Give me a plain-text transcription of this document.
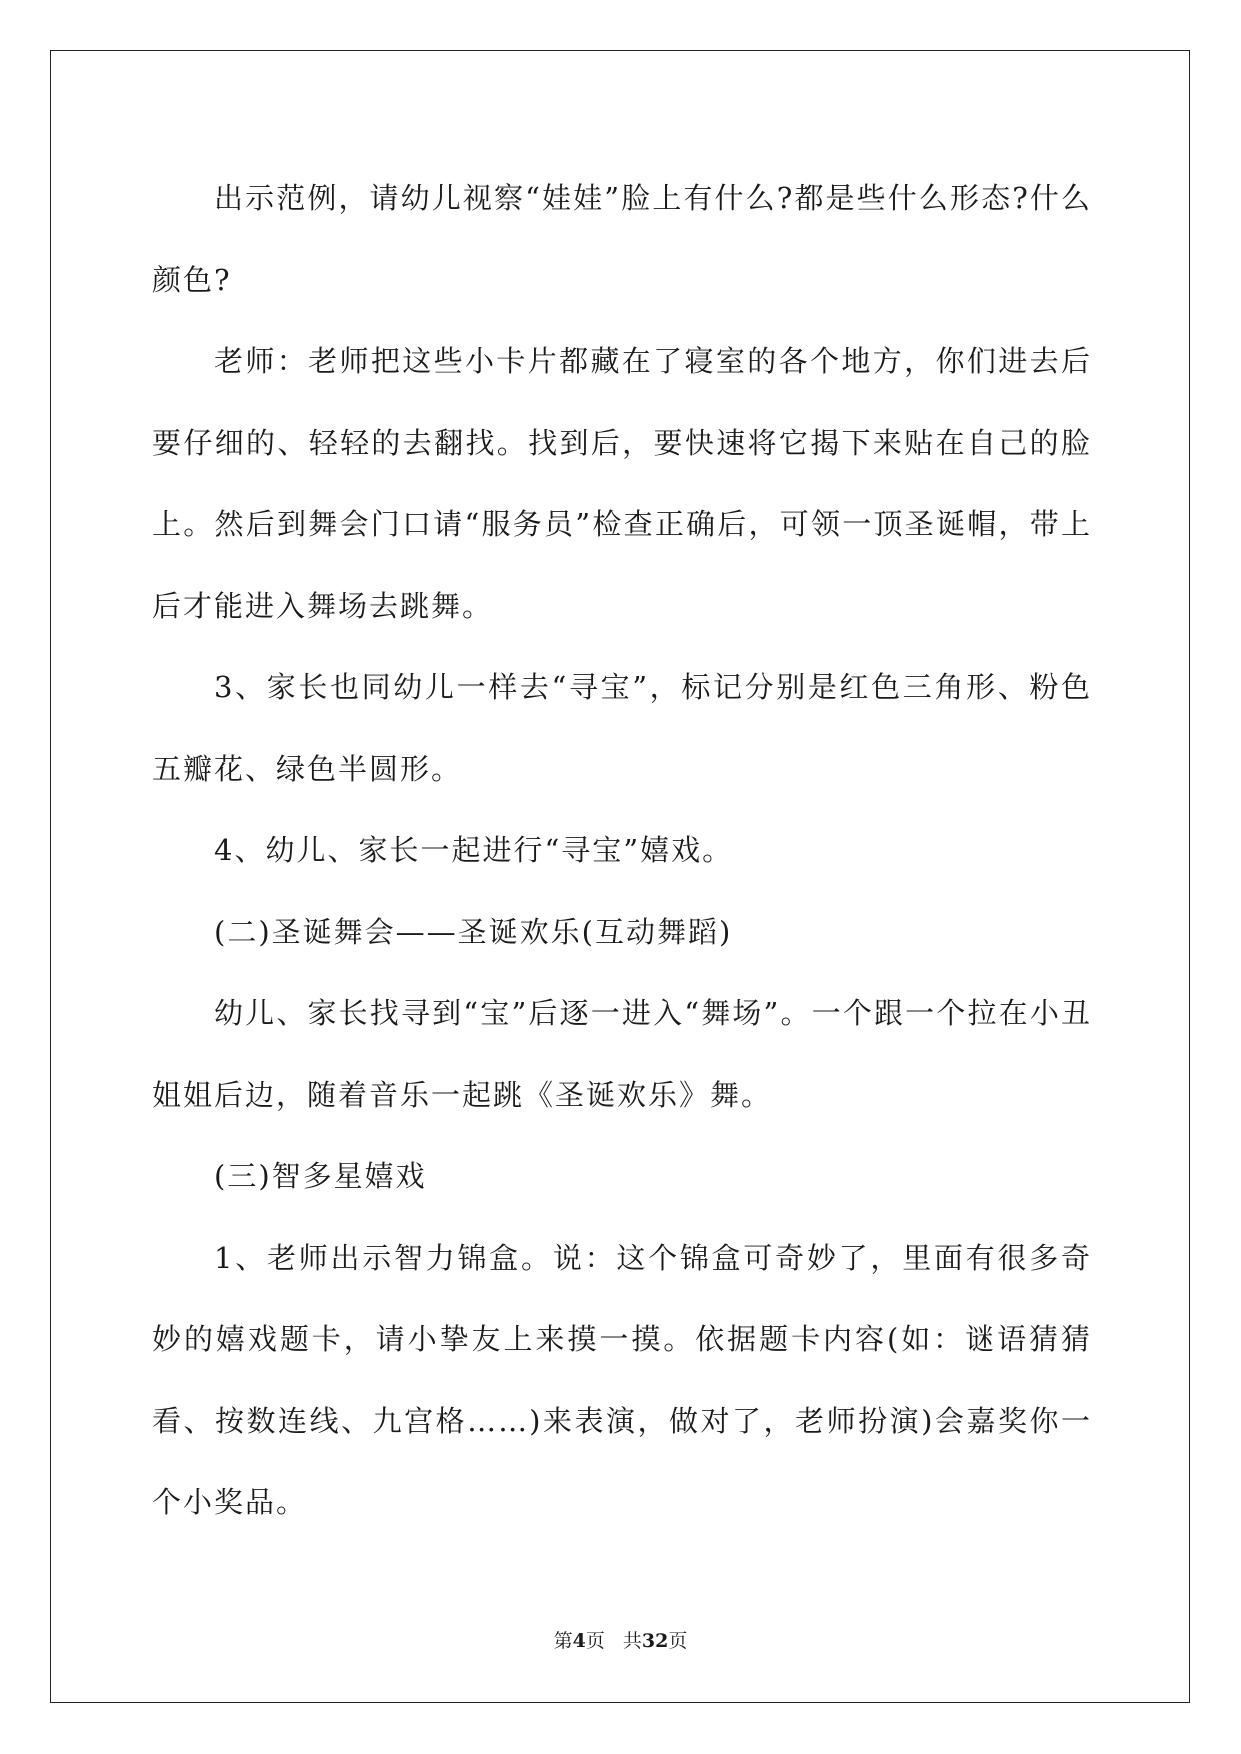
出示范例，请幼儿视察“娃娃”脸上有什么?都是些什么形态?什么颜色?

老师：老师把这些小卡片都藏在了寝室的各个地方，你们进去后要仔细的、轻轻的去翻找。找到后，要快速将它揭下来贴在自己的脸上。然后到舞会门口请“服务员”检查正确后，可领一顶圣诞帽，带上后才能进入舞场去跳舞。

3、家长也同幼儿一样去“寻宝”，标记分别是红色三角形、粉色五瓣花、绿色半圆形。

4、幼儿、家长一起进行“寻宝”嬉戏。

(二)圣诞舞会——圣诞欢乐(互动舞蹈)

幼儿、家长找寻到“宝”后逐一进入“舞场”。一个跟一个拉在小丑姐姐后边，随着音乐一起跳《圣诞欢乐》舞。

(三)智多星嬉戏

1、老师出示智力锦盒。说：这个锦盒可奇妙了，里面有很多奇妙的嬉戏题卡，请小挚友上来摸一摸。依据题卡内容(如：谜语猜猜看、按数连线、九宫格……)来表演，做对了，老师扮演)会嘉奖你一个小奖品。

第4页 共32页
